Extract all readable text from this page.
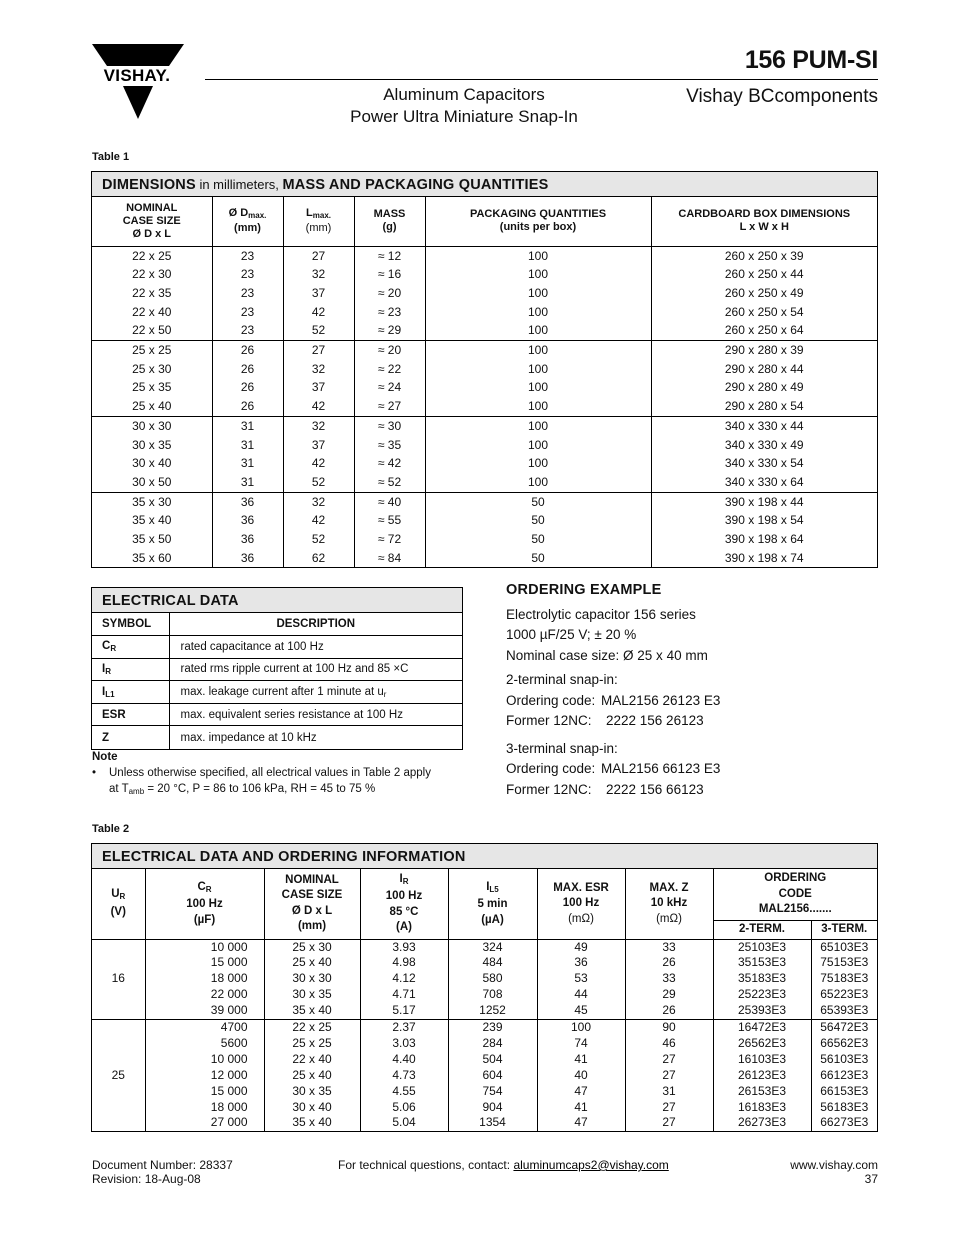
VISHAY.
156 PUM-SI
Aluminum Capacitors
Power Ultra Miniature Snap-In
Vishay BCcomponents
Table 1
DIMENSIONS in millimeters, MASS AND PACKAGING QUANTITIES
NOMINAL
CASE SIZE
Ø D x L	Ø $D_{max.}$
(mm)	$L_{max.}$
(mm)	MASS
(g)	PACKAGING QUANTITIES
(units per box)	CARDBOARD BOX DIMENSIONS
L x W x H
22 x 25	23	27	≈ 12	100	260 x 250 x 39
22 x 30	23	32	≈ 16	100	260 x 250 x 44
22 x 35	23	37	≈ 20	100	260 x 250 x 49
22 x 40	23	42	≈ 23	100	260 x 250 x 54
22 x 50	23	52	≈ 29	100	260 x 250 x 64
25 x 25	26	27	≈ 20	100	290 x 280 x 39
25 x 30	26	32	≈ 22	100	290 x 280 x 44
25 x 35	26	37	≈ 24	100	290 x 280 x 49
25 x 40	26	42	≈ 27	100	290 x 280 x 54
30 x 30	31	32	≈ 30	100	340 x 330 x 44
30 x 35	31	37	≈ 35	100	340 x 330 x 49
30 x 40	31	42	≈ 42	100	340 x 330 x 54
30 x 50	31	52	≈ 52	100	340 x 330 x 64
35 x 30	36	32	≈ 40	50	390 x 198 x 44
35 x 40	36	42	≈ 55	50	390 x 198 x 54
35 x 50	36	52	≈ 72	50	390 x 198 x 64
35 x 60	36	62	≈ 84	50	390 x 198 x 74
ELECTRICAL DATA
SYMBOL	DESCRIPTION
$C_R$	rated capacitance at 100 Hz
$I_R$	rated rms ripple current at 100 Hz and 85 ×C
$I_{L1}$	max. leakage current after 1 minute at $u_r$
ESR	max. equivalent series resistance at 100 Hz
Z	max. impedance at 10 kHz
Note
•	Unless otherwise specified, all electrical values in Table 2 apply
at $T_{amb} = 20$ °C, P = 86 to 106 kPa, RH = 45 to 75 %
ORDERING EXAMPLE
Electrolytic capacitor 156 series
1000 µF/25 V; ± 20 %
Nominal case size: Ø 25 x 40 mm
2-terminal snap-in:
Ordering code: MAL2156 26123 E3
Former 12NC: 2222 156 26123
3-terminal snap-in:
Ordering code: MAL2156 66123 E3
Former 12NC: 2222 156 66123
Table 2
ELECTRICAL DATA AND ORDERING INFORMATION
$U_R$
(V)	$C_R$
100 Hz
(µF)	NOMINAL
CASE SIZE
Ø D x L
(mm)	$I_R$
100 Hz
85 °C
(A)	$I_{L5}$
5 min
(µA)	MAX. ESR
100 Hz
(mΩ)	MAX. Z
10 kHz
(mΩ)	ORDERING
CODE
MAL2156.......	
							2-TERM.	3-TERM.
16	10 000	25 x 30	3.93	324	49	33	25103E3	65103E3
	15 000	25 x 40	4.98	484	36	26	35153E3	75153E3
	18 000	30 x 30	4.12	580	53	33	35183E3	75183E3
	22 000	30 x 35	4.71	708	44	29	25223E3	65223E3
	39 000	35 x 40	5.17	1252	45	26	25393E3	65393E3
25	4700	22 x 25	2.37	239	100	90	16472E3	56472E3
	5600	25 x 25	3.03	284	74	46	26562E3	66562E3
	10 000	22 x 40	4.40	504	41	27	16103E3	56103E3
	12 000	25 x 40	4.73	604	40	27	26123E3	66123E3
	15 000	30 x 35	4.55	754	47	31	26153E3	66153E3
	18 000	30 x 40	5.06	904	41	27	16183E3	56183E3
	27 000	35 x 40	5.04	1354	47	27	26273E3	66273E3
Document Number: 28337
Revision: 18-Aug-08
For technical questions, contact: aluminumcaps2@vishay.com	www.vishay.com
37
